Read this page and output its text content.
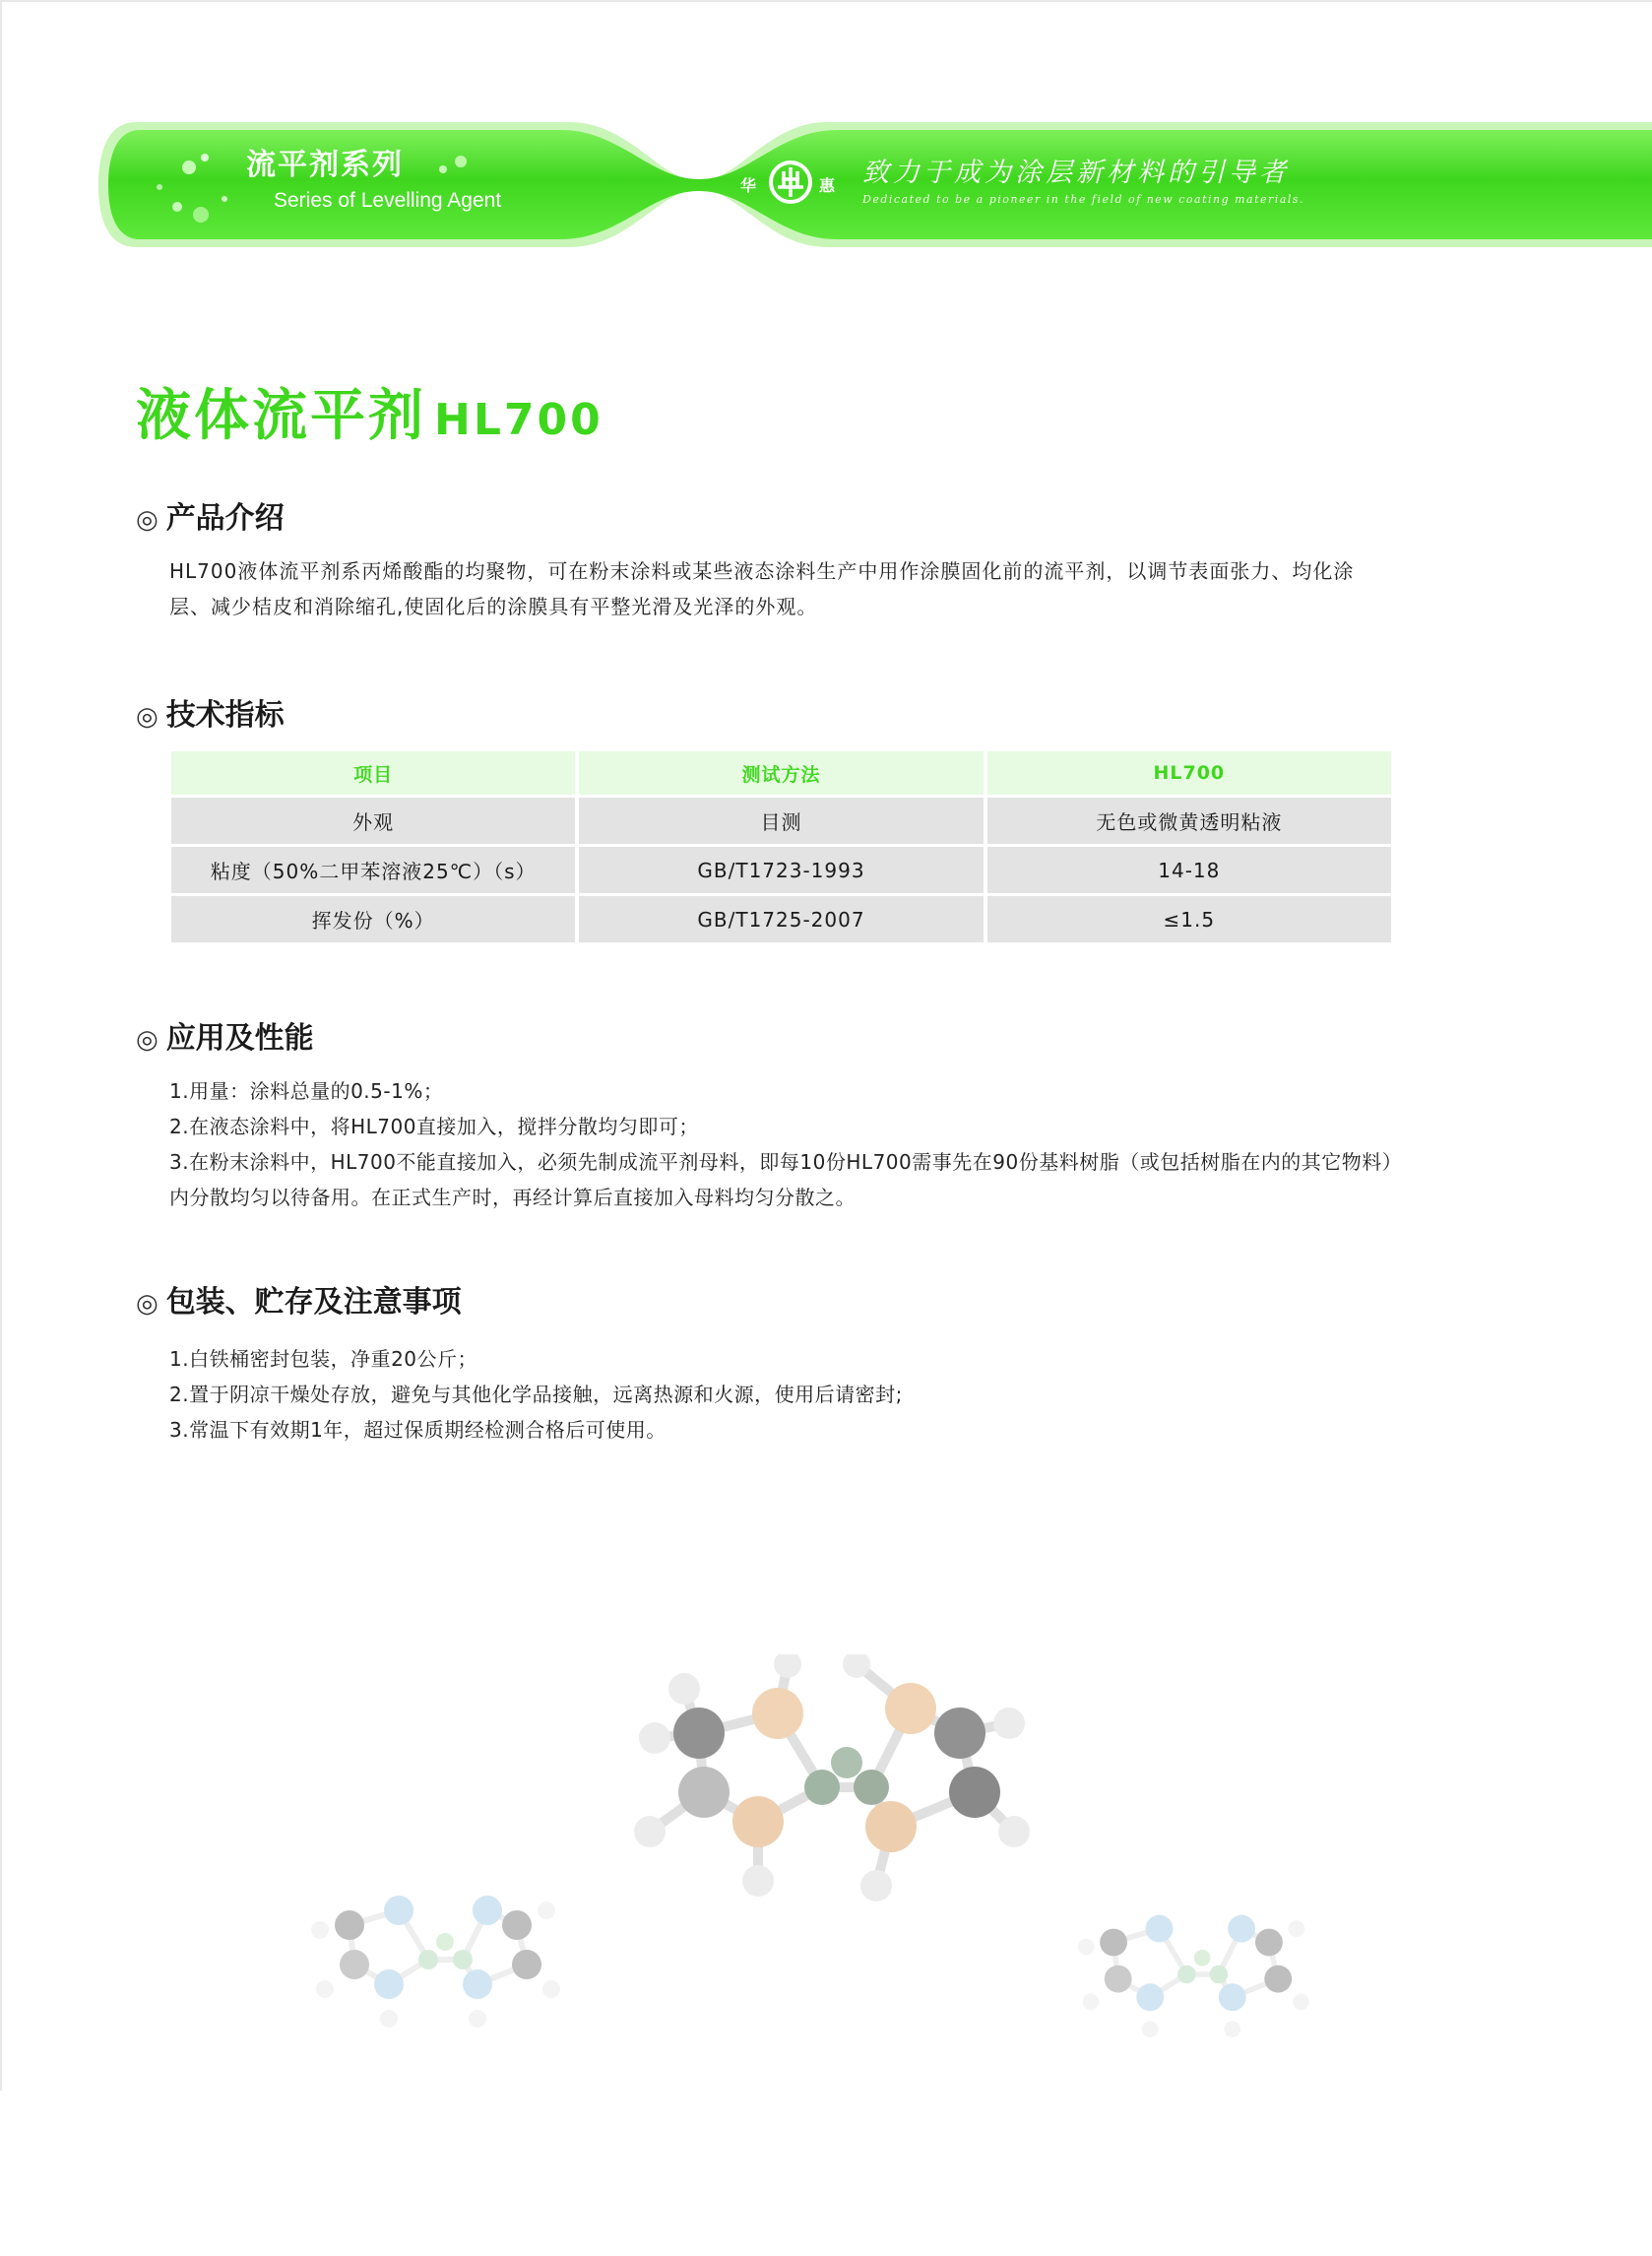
流平剂系列
Series of Levelling Agent
华	惠 致力于成为涂层新材料的引导者
Dedicated to be a pioneer in the field of new coating materials.
液体流平剂 HL700
◎ 产品介绍
HL700液体流平剂系丙烯酸酯的均聚物，可在粉末涂料或某些液态涂料生产中用作涂膜固化前的流平剂，以调节表面张力、均化涂层、减少桔皮和消除缩孔,使固化后的涂膜具有平整光滑及光泽的外观。
◎ 技术指标
项目	测试方法	HL700
外观	目测	无色或微黄透明粘液
粘度（50%二甲苯溶液25℃）（s）	GB/T1723-1993	14-18
挥发份（%）	GB/T1725-2007	≤1.5
◎ 应用及性能
1.用量：涂料总量的0.5-1%；
2.在液态涂料中，将HL700直接加入，搅拌分散均匀即可；
3.在粉末涂料中，HL700不能直接加入，必须先制成流平剂母料，即每10份HL700需事先在90份基料树脂（或包括树脂在内的其它物料）内分散均匀以待备用。在正式生产时，再经计算后直接加入母料均匀分散之。
◎ 包装、贮存及注意事项
1.白铁桶密封包装，净重20公斤；
2.置于阴凉干燥处存放，避免与其他化学品接触，远离热源和火源，使用后请密封;
3.常温下有效期1年，超过保质期经检测合格后可使用。
